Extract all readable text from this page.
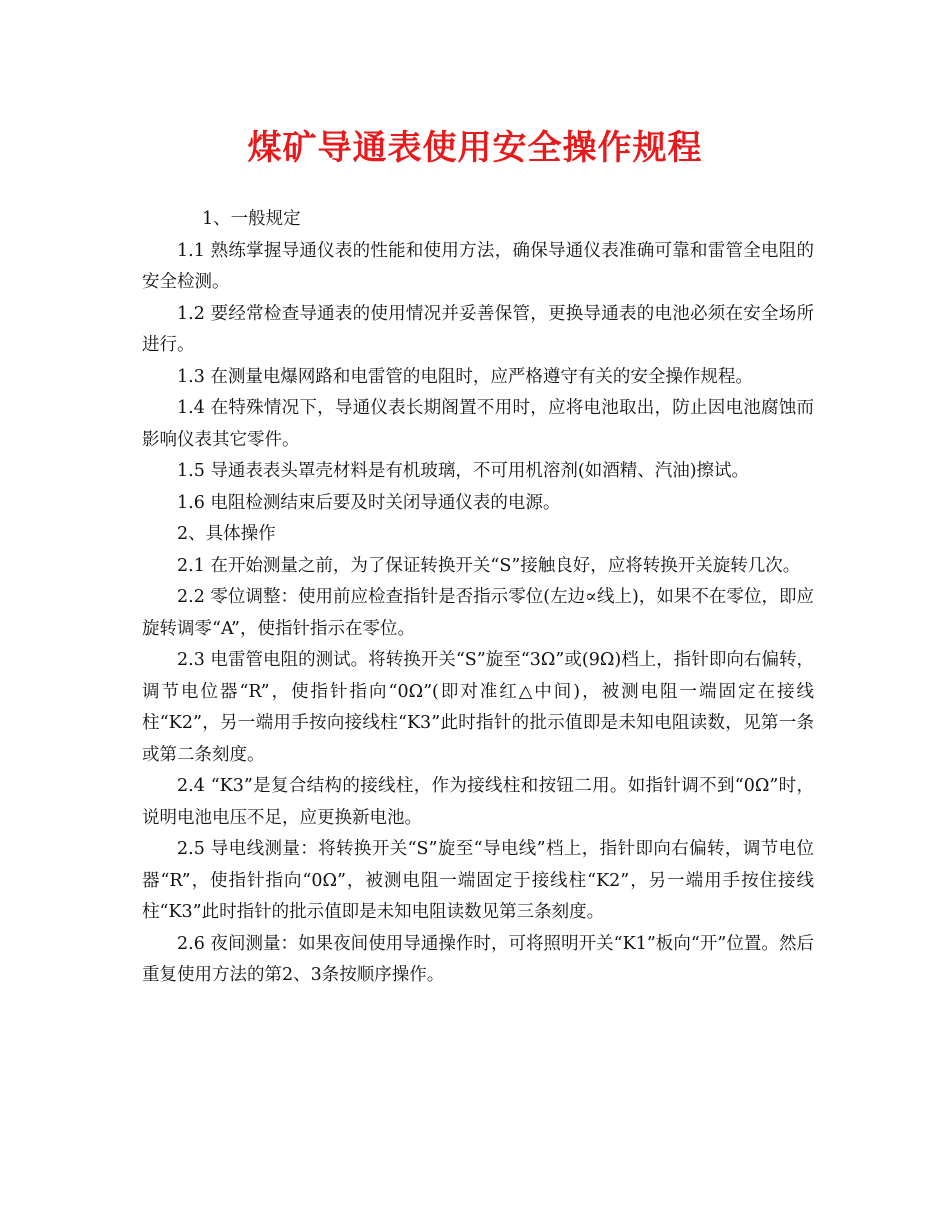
煤矿导通表使用安全操作规程

1、一般规定

1.1 熟练掌握导通仪表的性能和使用方法，确保导通仪表准确可靠和雷管全电阻的安全检测。

1.2 要经常检查导通表的使用情况并妥善保管，更换导通表的电池必须在安全场所进行。

1.3 在测量电爆网路和电雷管的电阻时，应严格遵守有关的安全操作规程。

1.4 在特殊情况下，导通仪表长期阁置不用时，应将电池取出，防止因电池腐蚀而影响仪表其它零件。

1.5 导通表表头罩壳材料是有机玻璃，不可用机溶剂(如酒精、汽油)擦试。

1.6 电阻检测结束后要及时关闭导通仪表的电源。

2、具体操作

2.1 在开始测量之前，为了保证转换开关“S”接触良好，应将转换开关旋转几次。

2.2 零位调整：使用前应检查指针是否指示零位(左边∝线上)，如果不在零位，即应旋转调零“A”，使指针指示在零位。

2.3 电雷管电阻的测试。将转换开关“S”旋至“3Ω”或(9Ω)档上，指针即向右偏转，调节电位器“R”，使指针指向“0Ω”(即对准红△中间)，被测电阻一端固定在接线柱“K2”，另一端用手按向接线柱“K3”此时指针的批示值即是未知电阻读数，见第一条或第二条刻度。

2.4 “K3”是复合结构的接线柱，作为接线柱和按钮二用。如指针调不到“0Ω”时，说明电池电压不足，应更换新电池。

2.5 导电线测量：将转换开关“S”旋至“导电线”档上，指针即向右偏转，调节电位器“R”，使指针指向“0Ω”，被测电阻一端固定于接线柱“K2”，另一端用手按住接线柱“K3”此时指针的批示值即是未知电阻读数见第三条刻度。

2.6 夜间测量：如果夜间使用导通操作时，可将照明开关“K1”板向“开”位置。然后重复使用方法的第2、3条按顺序操作。
